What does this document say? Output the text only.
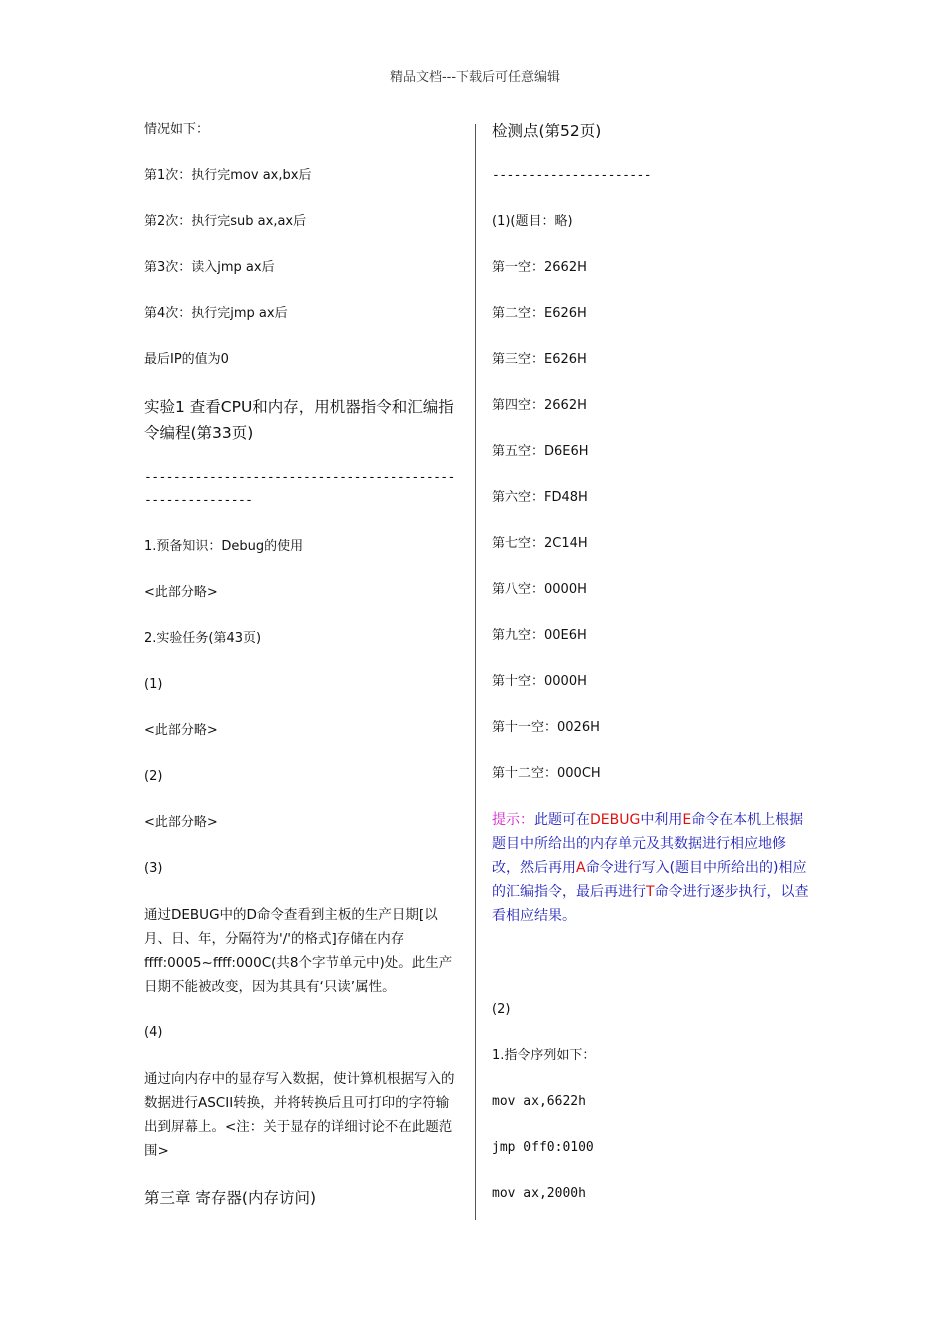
精品文档---下载后可任意编辑

情况如下：

第1次：执行完mov ax,bx后

第2次：执行完sub ax,ax后

第3次：读入jmp ax后

第4次：执行完jmp ax后

最后IP的值为0

实验1 查看CPU和内存，用机器指令和汇编指令编程(第33页)

-------------------------------------------

---------------

1.预备知识：Debug的使用

<此部分略>

2.实验任务(第43页)

(1)

<此部分略>

(2)

<此部分略>

(3)

通过DEBUG中的D命令查看到主板的生产日期[以月、日、年，分隔符为'/'的格式]存储在内存ffff:0005~ffff:000C(共8个字节单元中)处。此生产日期不能被改变，因为其具有‘只读’属性。

(4)

通过向内存中的显存写入数据，使计算机根据写入的数据进行ASCII转换，并将转换后且可打印的字符输出到屏幕上。<注：关于显存的详细讨论不在此题范围>

第三章 寄存器(内存访问)

检测点(第52页)

----------------------

(1)(题目：略)

第一空：2662H

第二空：E626H

第三空：E626H

第四空：2662H

第五空：D6E6H

第六空：FD48H

第七空：2C14H

第八空：0000H

第九空：00E6H

第十空：0000H

第十一空：0026H

第十二空：000CH

提示：此题可在DEBUG中利用E命令在本机上根据题目中所给出的内存单元及其数据进行相应地修改，然后再用A命令进行写入(题目中所给出的)相应的汇编指令，最后再进行T命令进行逐步执行，以查看相应结果。

(2)

1.指令序列如下：

mov ax,6622h

jmp 0ff0:0100

mov ax,2000h
